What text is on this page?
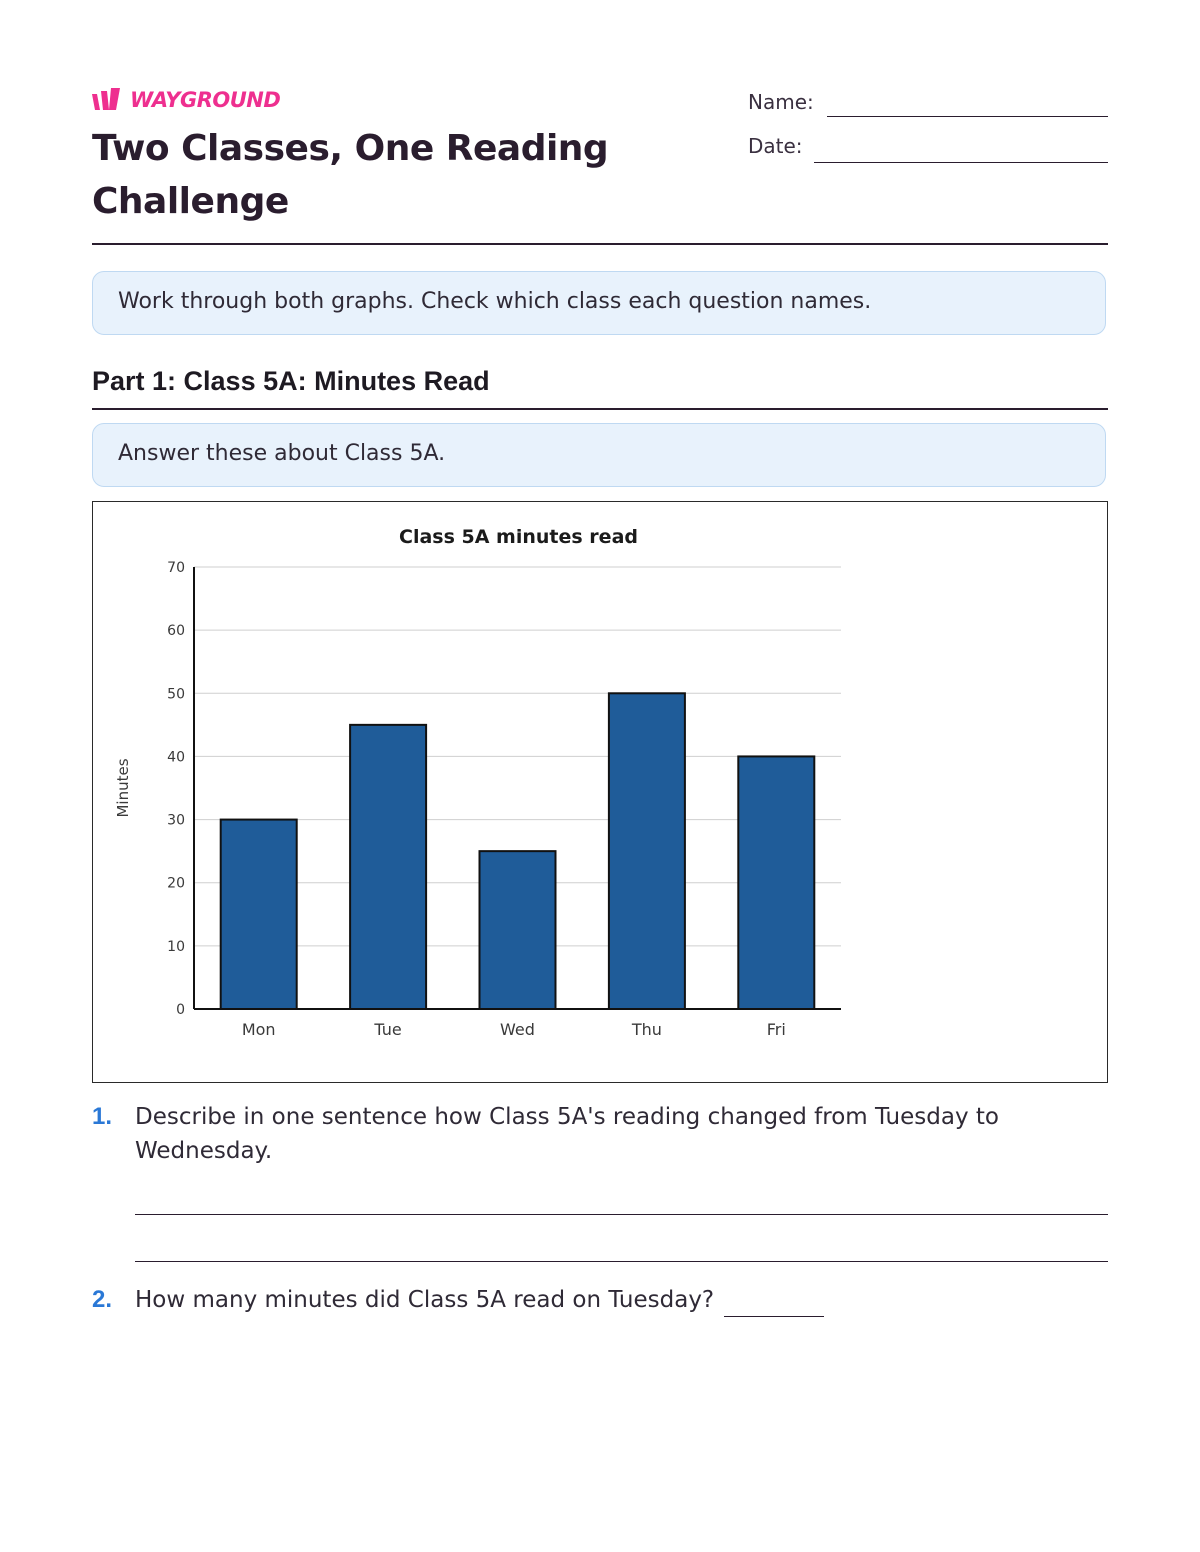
WAYGROUND
Two Classes, One Reading Challenge
Name:
Date:
Work through both graphs. Check which class each question names.
Part 1: Class 5A: Minutes Read
Answer these about Class 5A.
Class 5A minutes read
0
10
20
30
40
50
60
70
Minutes
Mon	Tue	Wed	Thu	Fri
1. Describe in one sentence how Class 5A's reading changed from Tuesday to Wednesday.
2. How many minutes did Class 5A read on Tuesday?
